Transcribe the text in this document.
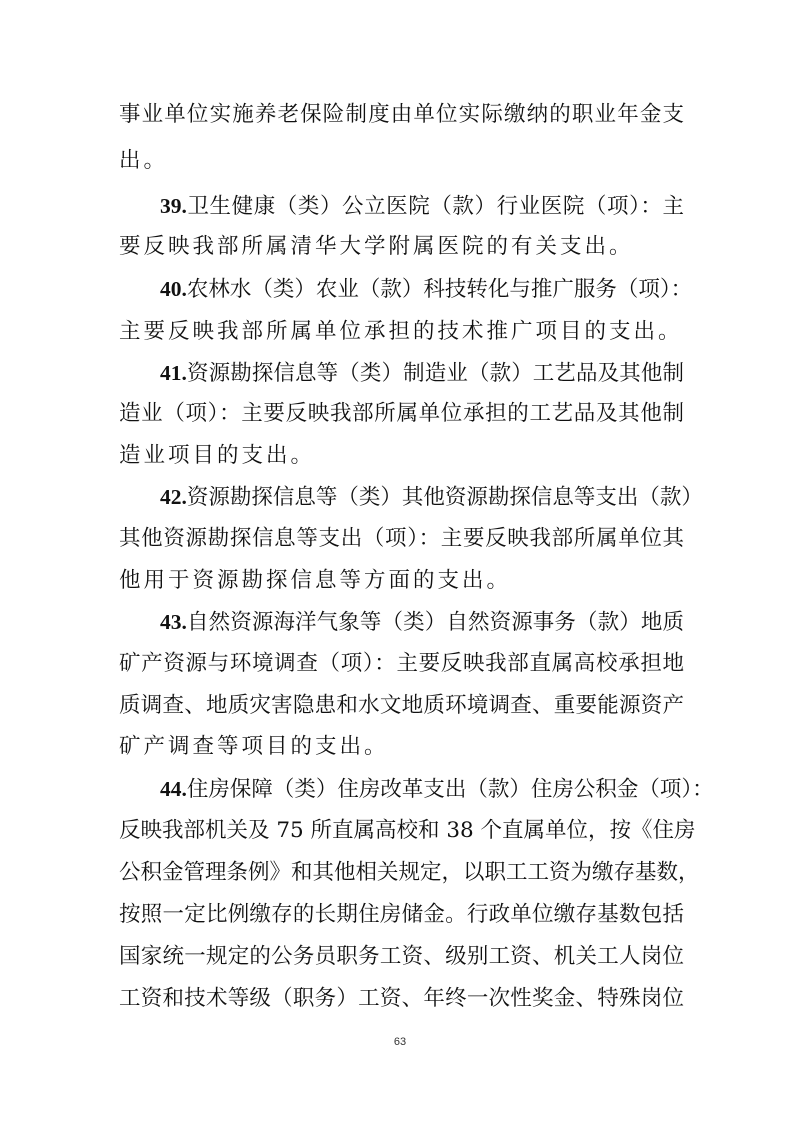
事业单位实施养老保险制度由单位实际缴纳的职业年金支
出。
39.卫生健康（类）公立医院（款）行业医院（项）：主
要反映我部所属清华大学附属医院的有关支出。
40.农林水（类）农业（款）科技转化与推广服务（项）：
主要反映我部所属单位承担的技术推广项目的支出。
41.资源勘探信息等（类）制造业（款）工艺品及其他制
造业（项）：主要反映我部所属单位承担的工艺品及其他制
造业项目的支出。
42.资源勘探信息等（类）其他资源勘探信息等支出（款）
其他资源勘探信息等支出（项）：主要反映我部所属单位其
他用于资源勘探信息等方面的支出。
43.自然资源海洋气象等（类）自然资源事务（款）地质
矿产资源与环境调查（项）：主要反映我部直属高校承担地
质调查、地质灾害隐患和水文地质环境调查、重要能源资产
矿产调查等项目的支出。
44.住房保障（类）住房改革支出（款）住房公积金（项）：
反映我部机关及 75 所直属高校和 38 个直属单位，按《住房
公积金管理条例》和其他相关规定，以职工工资为缴存基数，
按照一定比例缴存的长期住房储金。行政单位缴存基数包括
国家统一规定的公务员职务工资、级别工资、机关工人岗位
工资和技术等级（职务）工资、年终一次性奖金、特殊岗位
63
